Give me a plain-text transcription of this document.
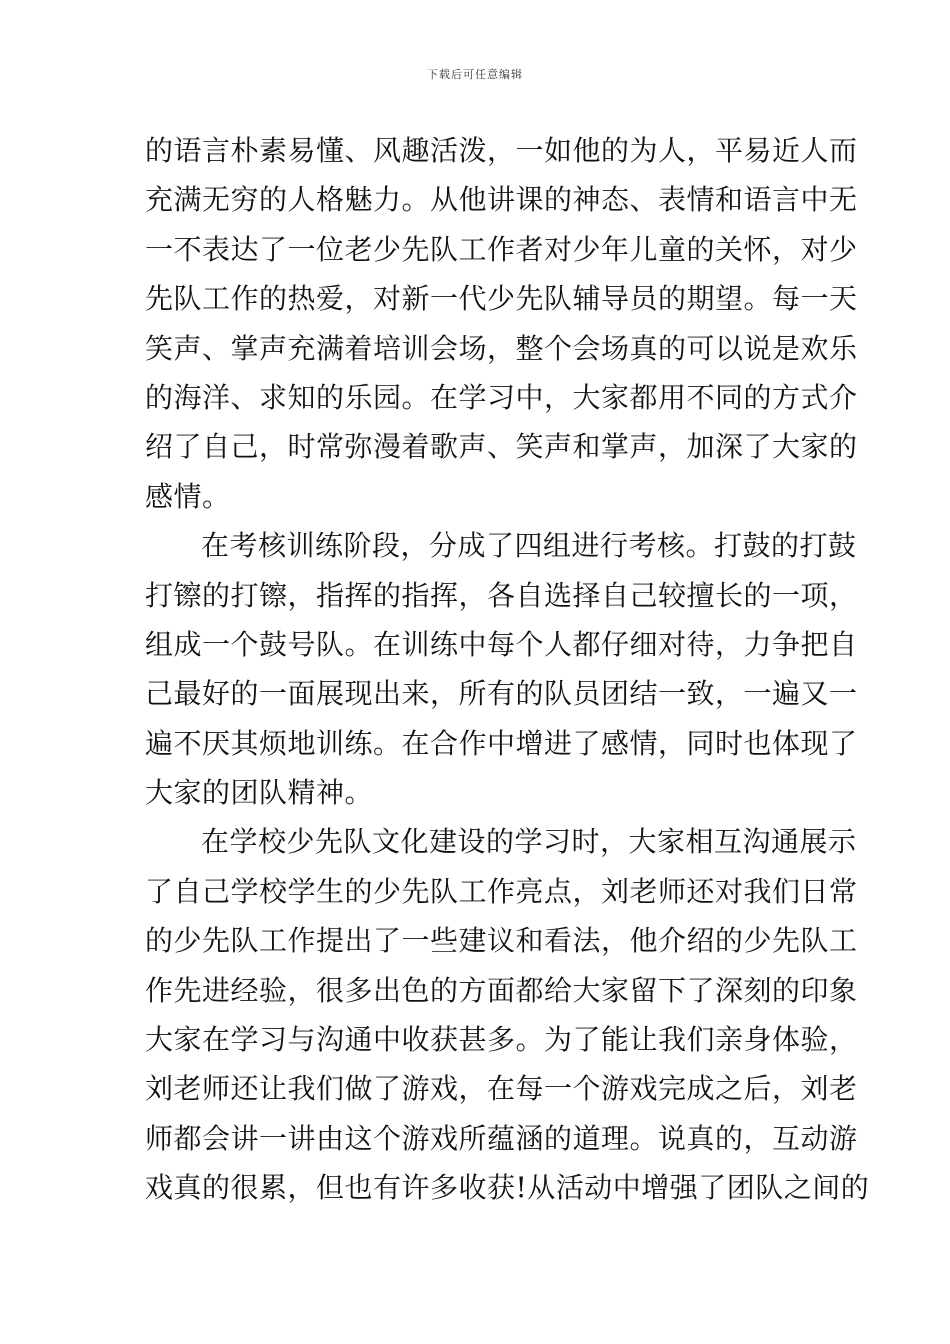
下载后可任意编辑
的语言朴素易懂、风趣活泼，一如他的为人，平易近人而
充满无穷的人格魅力。从他讲课的神态、表情和语言中无
一不表达了一位老少先队工作者对少年儿童的关怀，对少
先队工作的热爱，对新一代少先队辅导员的期望。每一天
笑声、掌声充满着培训会场，整个会场真的可以说是欢乐
的海洋、求知的乐园。在学习中，大家都用不同的方式介
绍了自己，时常弥漫着歌声、笑声和掌声，加深了大家的
感情。
在考核训练阶段，分成了四组进行考核。打鼓的打鼓
打镲的打镲，指挥的指挥，各自选择自己较擅长的一项，
组成一个鼓号队。在训练中每个人都仔细对待，力争把自
己最好的一面展现出来，所有的队员团结一致，一遍又一
遍不厌其烦地训练。在合作中增进了感情，同时也体现了
大家的团队精神。
在学校少先队文化建设的学习时，大家相互沟通展示
了自己学校学生的少先队工作亮点，刘老师还对我们日常
的少先队工作提出了一些建议和看法，他介绍的少先队工
作先进经验，很多出色的方面都给大家留下了深刻的印象
大家在学习与沟通中收获甚多。为了能让我们亲身体验，
刘老师还让我们做了游戏，在每一个游戏完成之后，刘老
师都会讲一讲由这个游戏所蕴涵的道理。说真的，互动游
戏真的很累，但也有许多收获!从活动中增强了团队之间的
